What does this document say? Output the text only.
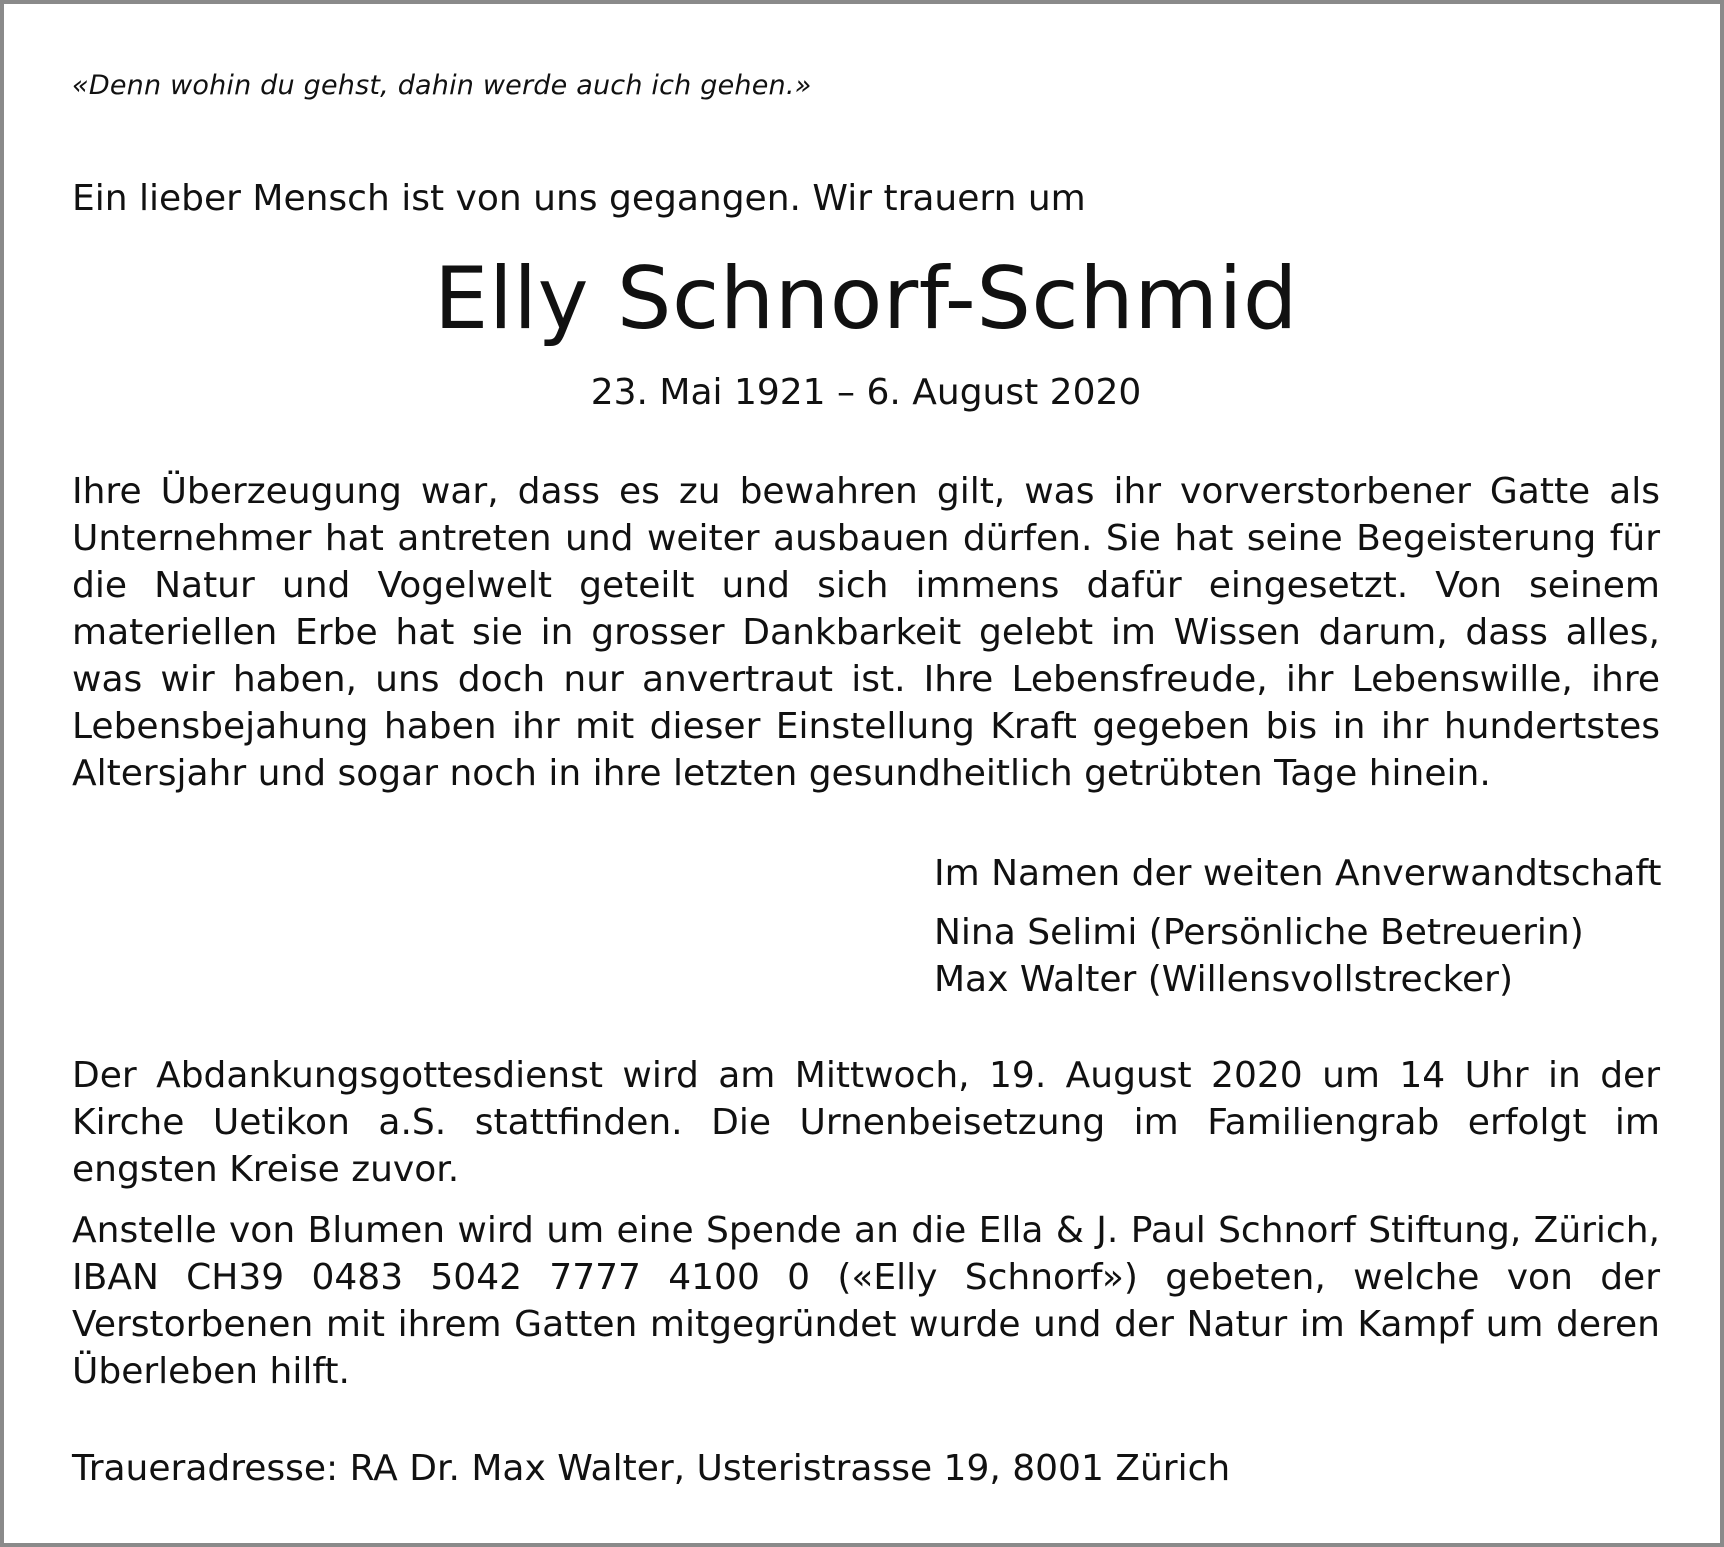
«Denn wohin du gehst, dahin werde auch ich gehen.»
Ein lieber Mensch ist von uns gegangen. Wir trauern um
Elly Schnorf-Schmid
23. Mai 1921 – 6. August 2020
Ihre Überzeugung war, dass es zu bewahren gilt, was ihr vorverstorbener Gatte als Unternehmer hat antreten und weiter ausbauen dürfen. Sie hat seine Begeisterung für die Natur und Vogelwelt geteilt und sich immens dafür eingesetzt. Von seinem materiellen Erbe hat sie in grosser Dankbarkeit gelebt im Wissen darum, dass alles, was wir haben, uns doch nur anvertraut ist. Ihre Lebensfreude, ihr Lebenswille, ihre Lebensbejahung haben ihr mit dieser Einstellung Kraft gegeben bis in ihr hundertstes Altersjahr und sogar noch in ihre letzten gesundheitlich getrübten Tage hinein.
Im Namen der weiten Anverwandtschaft
Nina Selimi (Persönliche Betreuerin)
Max Walter (Willensvollstrecker)
Der Abdankungsgottesdienst wird am Mittwoch, 19. August 2020 um 14 Uhr in der Kirche Uetikon a.S. stattfinden. Die Urnenbeisetzung im Familiengrab erfolgt im engsten Kreise zuvor.
Anstelle von Blumen wird um eine Spende an die Ella & J. Paul Schnorf Stiftung, Zürich, IBAN CH39 0483 5042 7777 4100 0 («Elly Schnorf») gebeten, welche von der Verstorbenen mit ihrem Gatten mitgegründet wurde und der Natur im Kampf um deren Überleben hilft.
Traueradresse: RA Dr. Max Walter, Usteristrasse 19, 8001 Zürich
